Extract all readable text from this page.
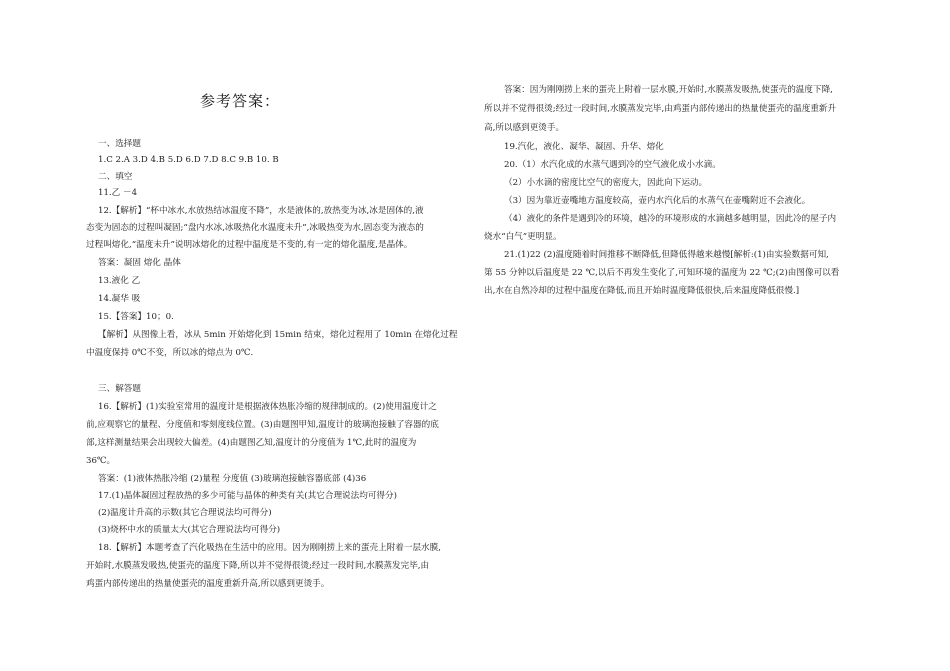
参考答案：
一、选择题
1.C 2.A 3.D 4.B 5.D 6.D 7.D 8.C 9.B 10. B
二、填空
11.乙 －4
12.【解析】“杯中冰水,水放热结冰温度不降”，水是液体的,放热变为冰,冰是固体的,液
态变为固态的过程叫凝固;“盘内水冰,冰吸热化水温度未升”,冰吸热变为水,固态变为液态的
过程叫熔化,“温度未升”说明冰熔化的过程中温度是不变的,有一定的熔化温度,是晶体。
答案：凝固 熔化 晶体
13.液化 乙
14.凝华 吸
15.【答案】10；0.
【解析】从图像上看，冰从 5min 开始熔化到 15min 结束，熔化过程用了 10min 在熔化过程
中温度保持 0℃不变，所以冰的熔点为 0℃.
三、解答题
16.【解析】(1)实验室常用的温度计是根据液体热胀冷缩的规律制成的。(2)使用温度计之
前,应观察它的量程、分度值和零刻度线位置。(3)由题图甲知,温度计的玻璃泡接触了容器的底
部,这样测量结果会出现较大偏差。(4)由题图乙知,温度计的分度值为 1℃,此时的温度为
36℃。
答案：(1)液体热胀冷缩 (2)量程 分度值 (3)玻璃泡接触容器底部 (4)36
17.(1)晶体凝固过程放热的多少可能与晶体的种类有关(其它合理说法均可得分)
(2)温度计升高的示数(其它合理说法均可得分)
(3)烧杯中水的质量太大(其它合理说法均可得分)
18.【解析】本题考查了汽化吸热在生活中的应用。因为刚刚捞上来的蛋壳上附着一层水膜,
开始时,水膜蒸发吸热,使蛋壳的温度下降,所以并不觉得很烫;经过一段时间,水膜蒸发完毕,由
鸡蛋内部传递出的热量使蛋壳的温度重新升高,所以感到更烫手。
答案：因为刚刚捞上来的蛋壳上附着一层水膜,开始时,水膜蒸发吸热,使蛋壳的温度下降,
所以并不觉得很烫;经过一段时间,水膜蒸发完毕,由鸡蛋内部传递出的热量使蛋壳的温度重新升
高,所以感到更烫手。
19.汽化，液化、凝华、凝固、升华、熔化
20.（1）水汽化成的水蒸气遇到冷的空气液化成小水滴。
（2）小水滴的密度比空气的密度大，因此向下运动。
（3）因为靠近壶嘴地方温度较高，壶内水汽化后的水蒸气在壶嘴附近不会液化。
（4）液化的条件是遇到冷的环境，越冷的环境形成的水滴越多越明显，因此冷的屋子内
烧水“白气”更明显。
21.(1)22 (2)温度随着时间推移不断降低,但降低得越来越慢[解析:(1)由实验数据可知,
第 55 分钟以后温度是 22 ℃,以后不再发生变化了,可知环境的温度为 22 ℃;(2)由图像可以看
出,水在自然冷却的过程中温度在降低,而且开始时温度降低很快,后来温度降低很慢.]
